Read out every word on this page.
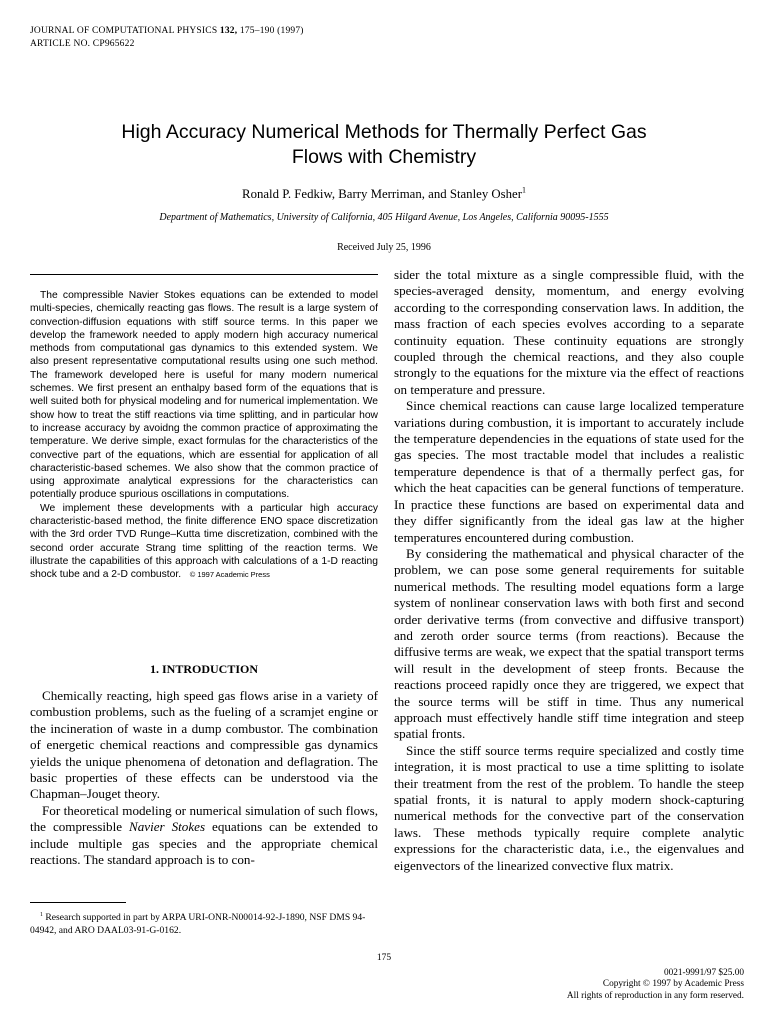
JOURNAL OF COMPUTATIONAL PHYSICS 132, 175–190 (1997)
ARTICLE NO. CP965622
High Accuracy Numerical Methods for Thermally Perfect Gas
Flows with Chemistry
Ronald P. Fedkiw, Barry Merriman, and Stanley Osher$^1$
Department of Mathematics, University of California, 405 Hilgard Avenue, Los Angeles, California 90095-1555
Received July 25, 1996

The compressible Navier Stokes equations can be extended to model multi-species, chemically reacting gas flows. The result is a large system of convection-diffusion equations with stiff source terms. In this paper we develop the framework needed to apply modern high accuracy numerical methods from computational gas dynamics to this extended system. We also present representative computational results using one such method. The framework developed here is useful for many modern numerical schemes. We first present an enthalpy based form of the equations that is well suited both for physical modeling and for numerical implementation. We show how to treat the stiff reactions via time splitting, and in particular how to increase accuracy by avoidng the common practice of approximating the temperature. We derive simple, exact formulas for the characteristics of the convective part of the equations, which are essential for application of all characteristic-based schemes. We also show that the common practice of using approximate analytical expressions for the characteristics can potentially produce spurious oscillations in computations.

We implement these developments with a particular high accuracy characteristic-based method, the finite difference ENO space discretization with the 3rd order TVD Runge–Kutta time discretization, combined with the second order accurate Strang time splitting of the reaction terms. We illustrate the capabilities of this approach with calculations of a 1-D reacting shock tube and a 2-D combustor. © 1997 Academic Press

1. INTRODUCTION

Chemically reacting, high speed gas flows arise in a variety of combustion problems, such as the fueling of a scramjet engine or the incineration of waste in a dump combustor. The combination of energetic chemical reactions and compressible gas dynamics yields the unique phenomena of detonation and deflagration. The basic properties of these effects can be understood via the Chapman–Jouget theory.

For theoretical modeling or numerical simulation of such flows, the compressible Navier Stokes equations can be extended to include multiple gas species and the appropriate chemical reactions. The standard approach is to con-

$^1$ Research supported in part by ARPA URI-ONR-N00014-92-J-1890, NSF DMS 94-04942, and ARO DAAL03-91-G-0162.

sider the total mixture as a single compressible fluid, with the species-averaged density, momentum, and energy evolving according to the corresponding conservation laws. In addition, the mass fraction of each species evolves according to a separate continuity equation. These continuity equations are strongly coupled through the chemical reactions, and they also couple strongly to the equations for the mixture via the effect of reactions on temperature and pressure.

Since chemical reactions can cause large localized temperature variations during combustion, it is important to accurately include the temperature dependencies in the equations of state used for the gas species. The most tractable model that includes a realistic temperature dependence is that of a thermally perfect gas, for which the heat capacities can be general functions of temperature. In practice these functions are based on experimental data and they differ significantly from the ideal gas law at the higher temperatures encountered during combustion.

By considering the mathematical and physical character of the problem, we can pose some general requirements for suitable numerical methods. The resulting model equations form a large system of nonlinear conservation laws with both first and second order derivative terms (from convective and diffusive transport) and zeroth order source terms (from reactions). Because the diffusive terms are weak, we expect that the spatial transport terms will result in the development of steep fronts. Because the reactions proceed rapidly once they are triggered, we expect that the source terms will be stiff in time. Thus any numerical approach must effectively handle stiff time integration and steep spatial fronts.

Since the stiff source terms require specialized and costly time integration, it is most practical to use a time splitting to isolate their treatment from the rest of the problem. To handle the steep spatial fronts, it is natural to apply modern shock-capturing numerical methods for the convective part of the conservation laws. These methods typically require complete analytic expressions for the characteristic data, i.e., the eigenvalues and eigenvectors of the linearized convective flux matrix.

175
0021-9991/97 $25.00
Copyright © 1997 by Academic Press
All rights of reproduction in any form reserved.
